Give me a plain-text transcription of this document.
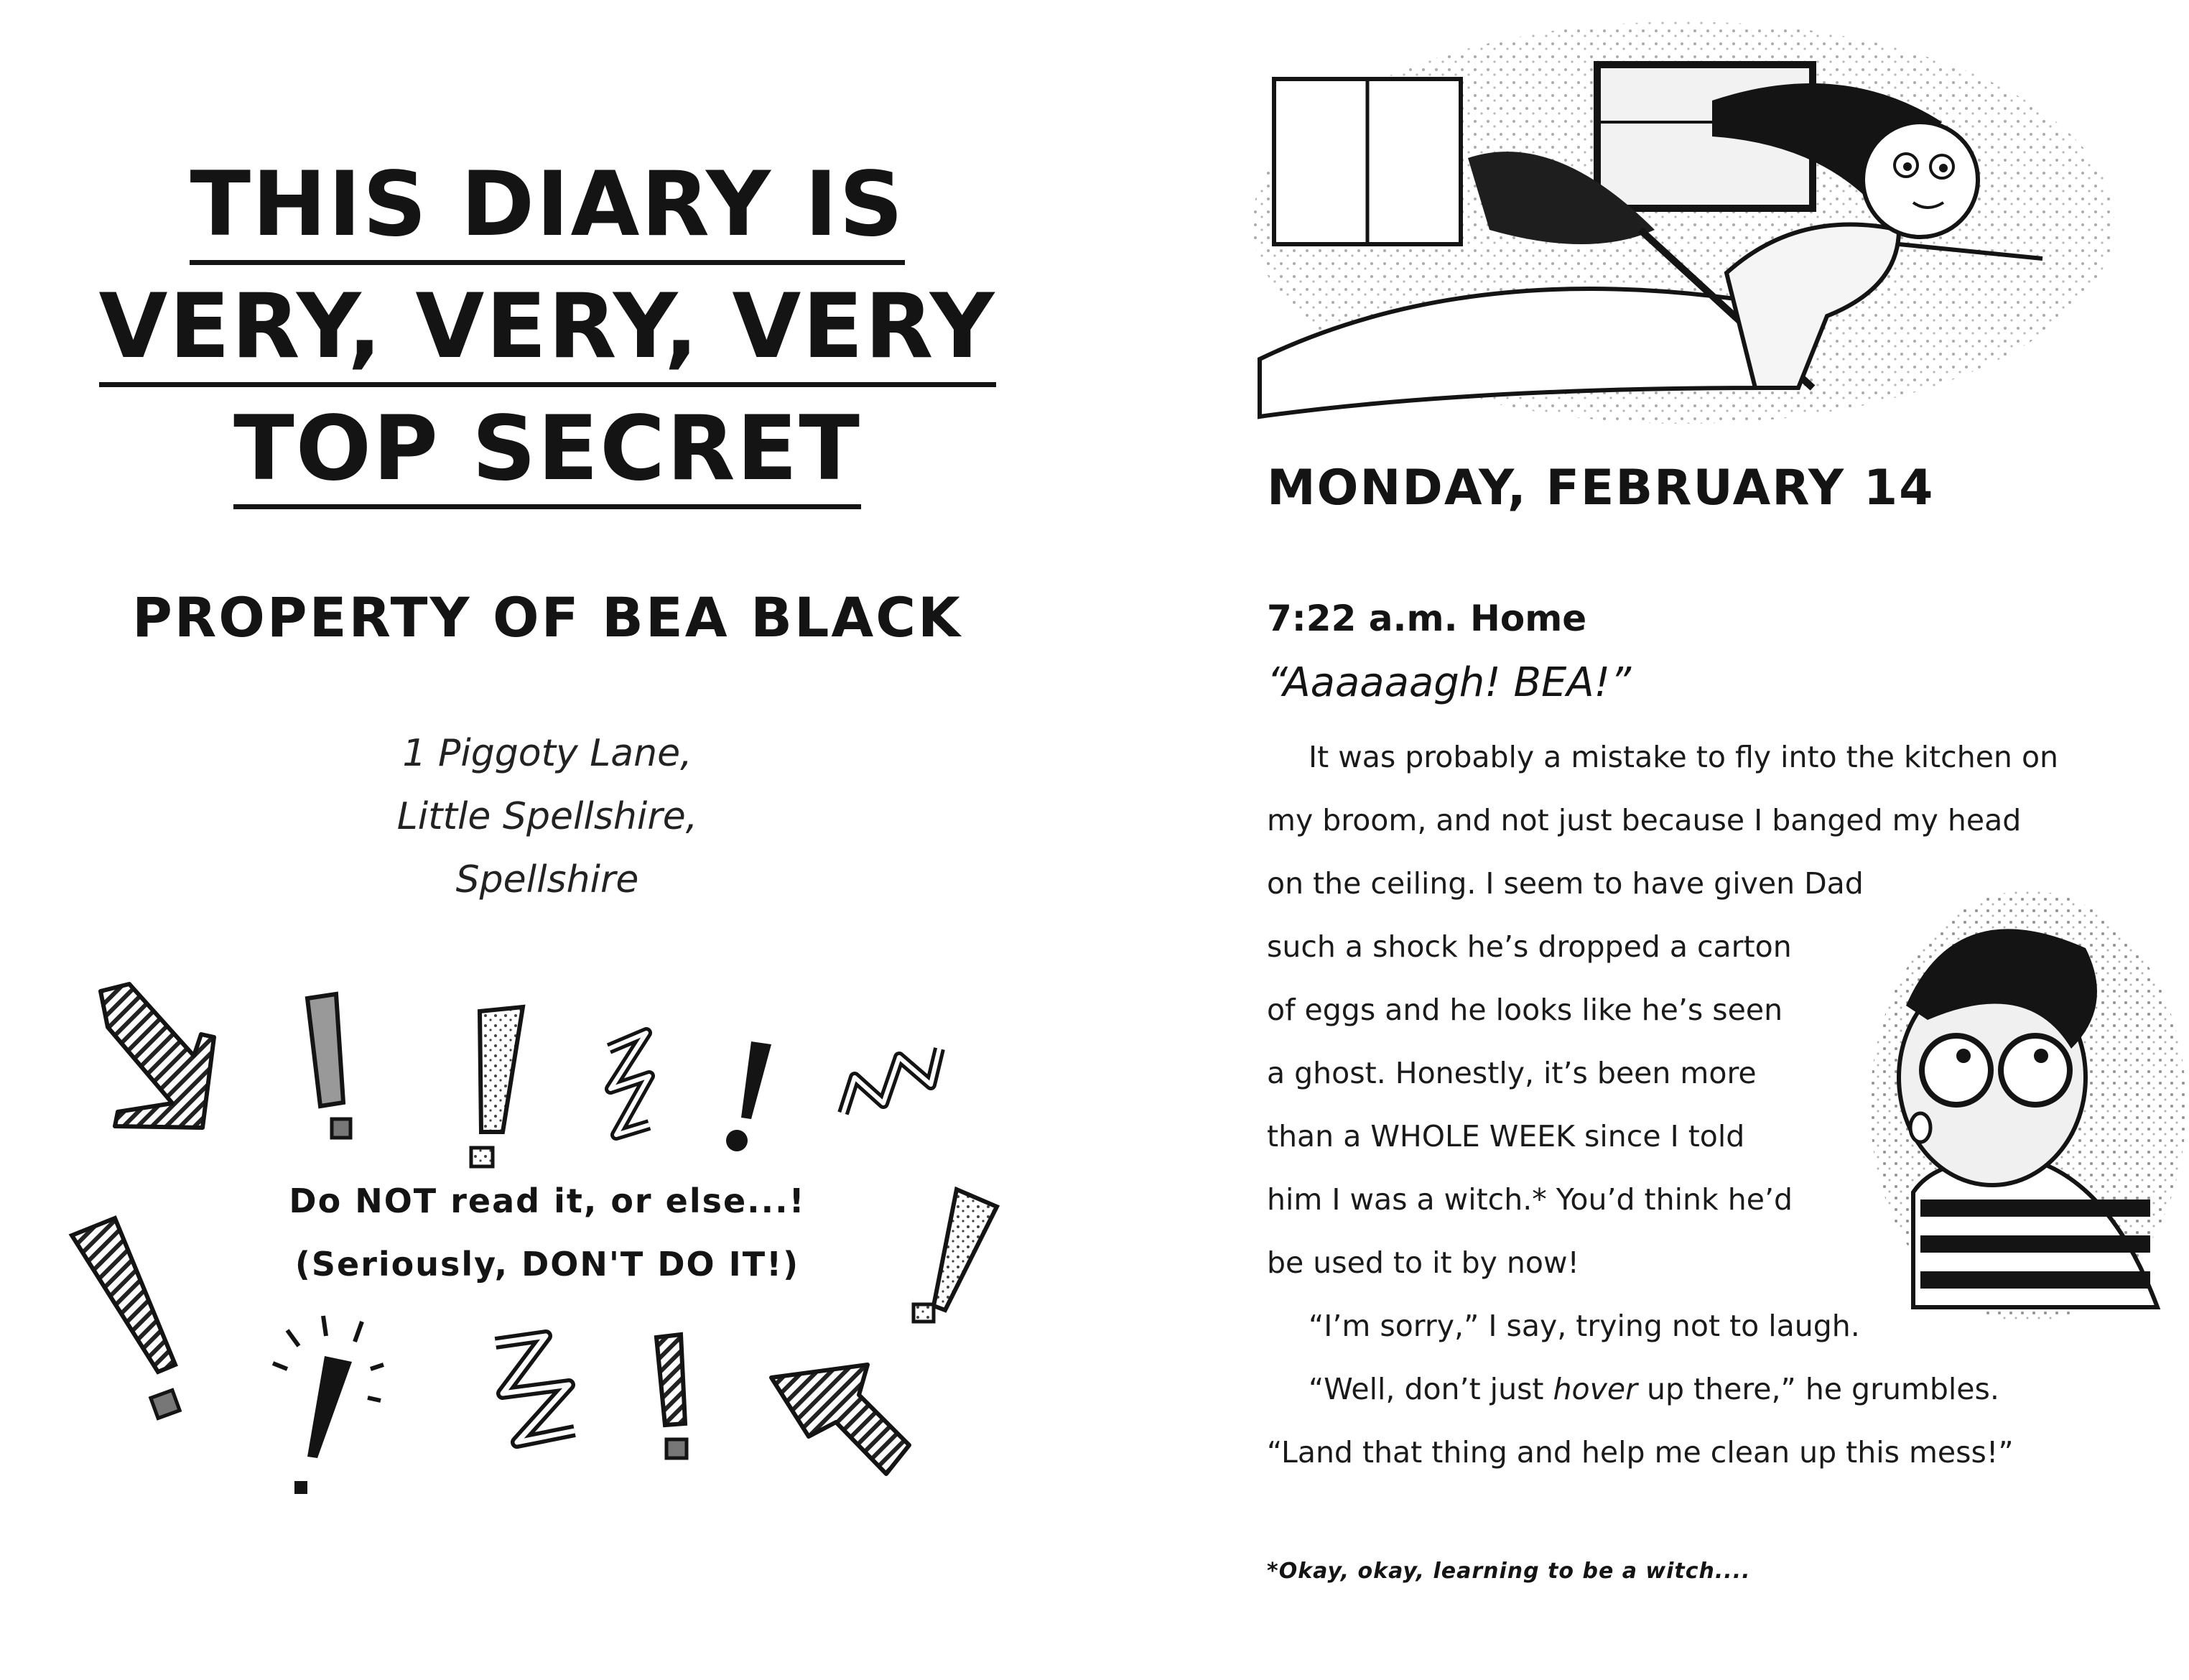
THIS DIARY IS
VERY, VERY, VERY
TOP SECRET
PROPERTY OF BEA BLACK
1 Piggoty Lane,
Little Spellshire,
Spellshire
Do NOT read it, or else...!
(Seriously, DON'T DO IT!)
MONDAY, FEBRUARY 14
7:22 a.m. Home
“Aaaaaagh! BEA!”
It was probably a mistake to fly into the kitchen on
my broom, and not just because I banged my head
on the ceiling. I seem to have given Dad
such a shock he’s dropped a carton
of eggs and he looks like he’s seen
a ghost. Honestly, it’s been more
than a WHOLE WEEK since I told
him I was a witch.* You’d think he’d
be used to it by now!
“I’m sorry,” I say, trying not to laugh.
“Well, don’t just hover up there,” he grumbles.
“Land that thing and help me clean up this mess!”
*Okay, okay, learning to be a witch....
